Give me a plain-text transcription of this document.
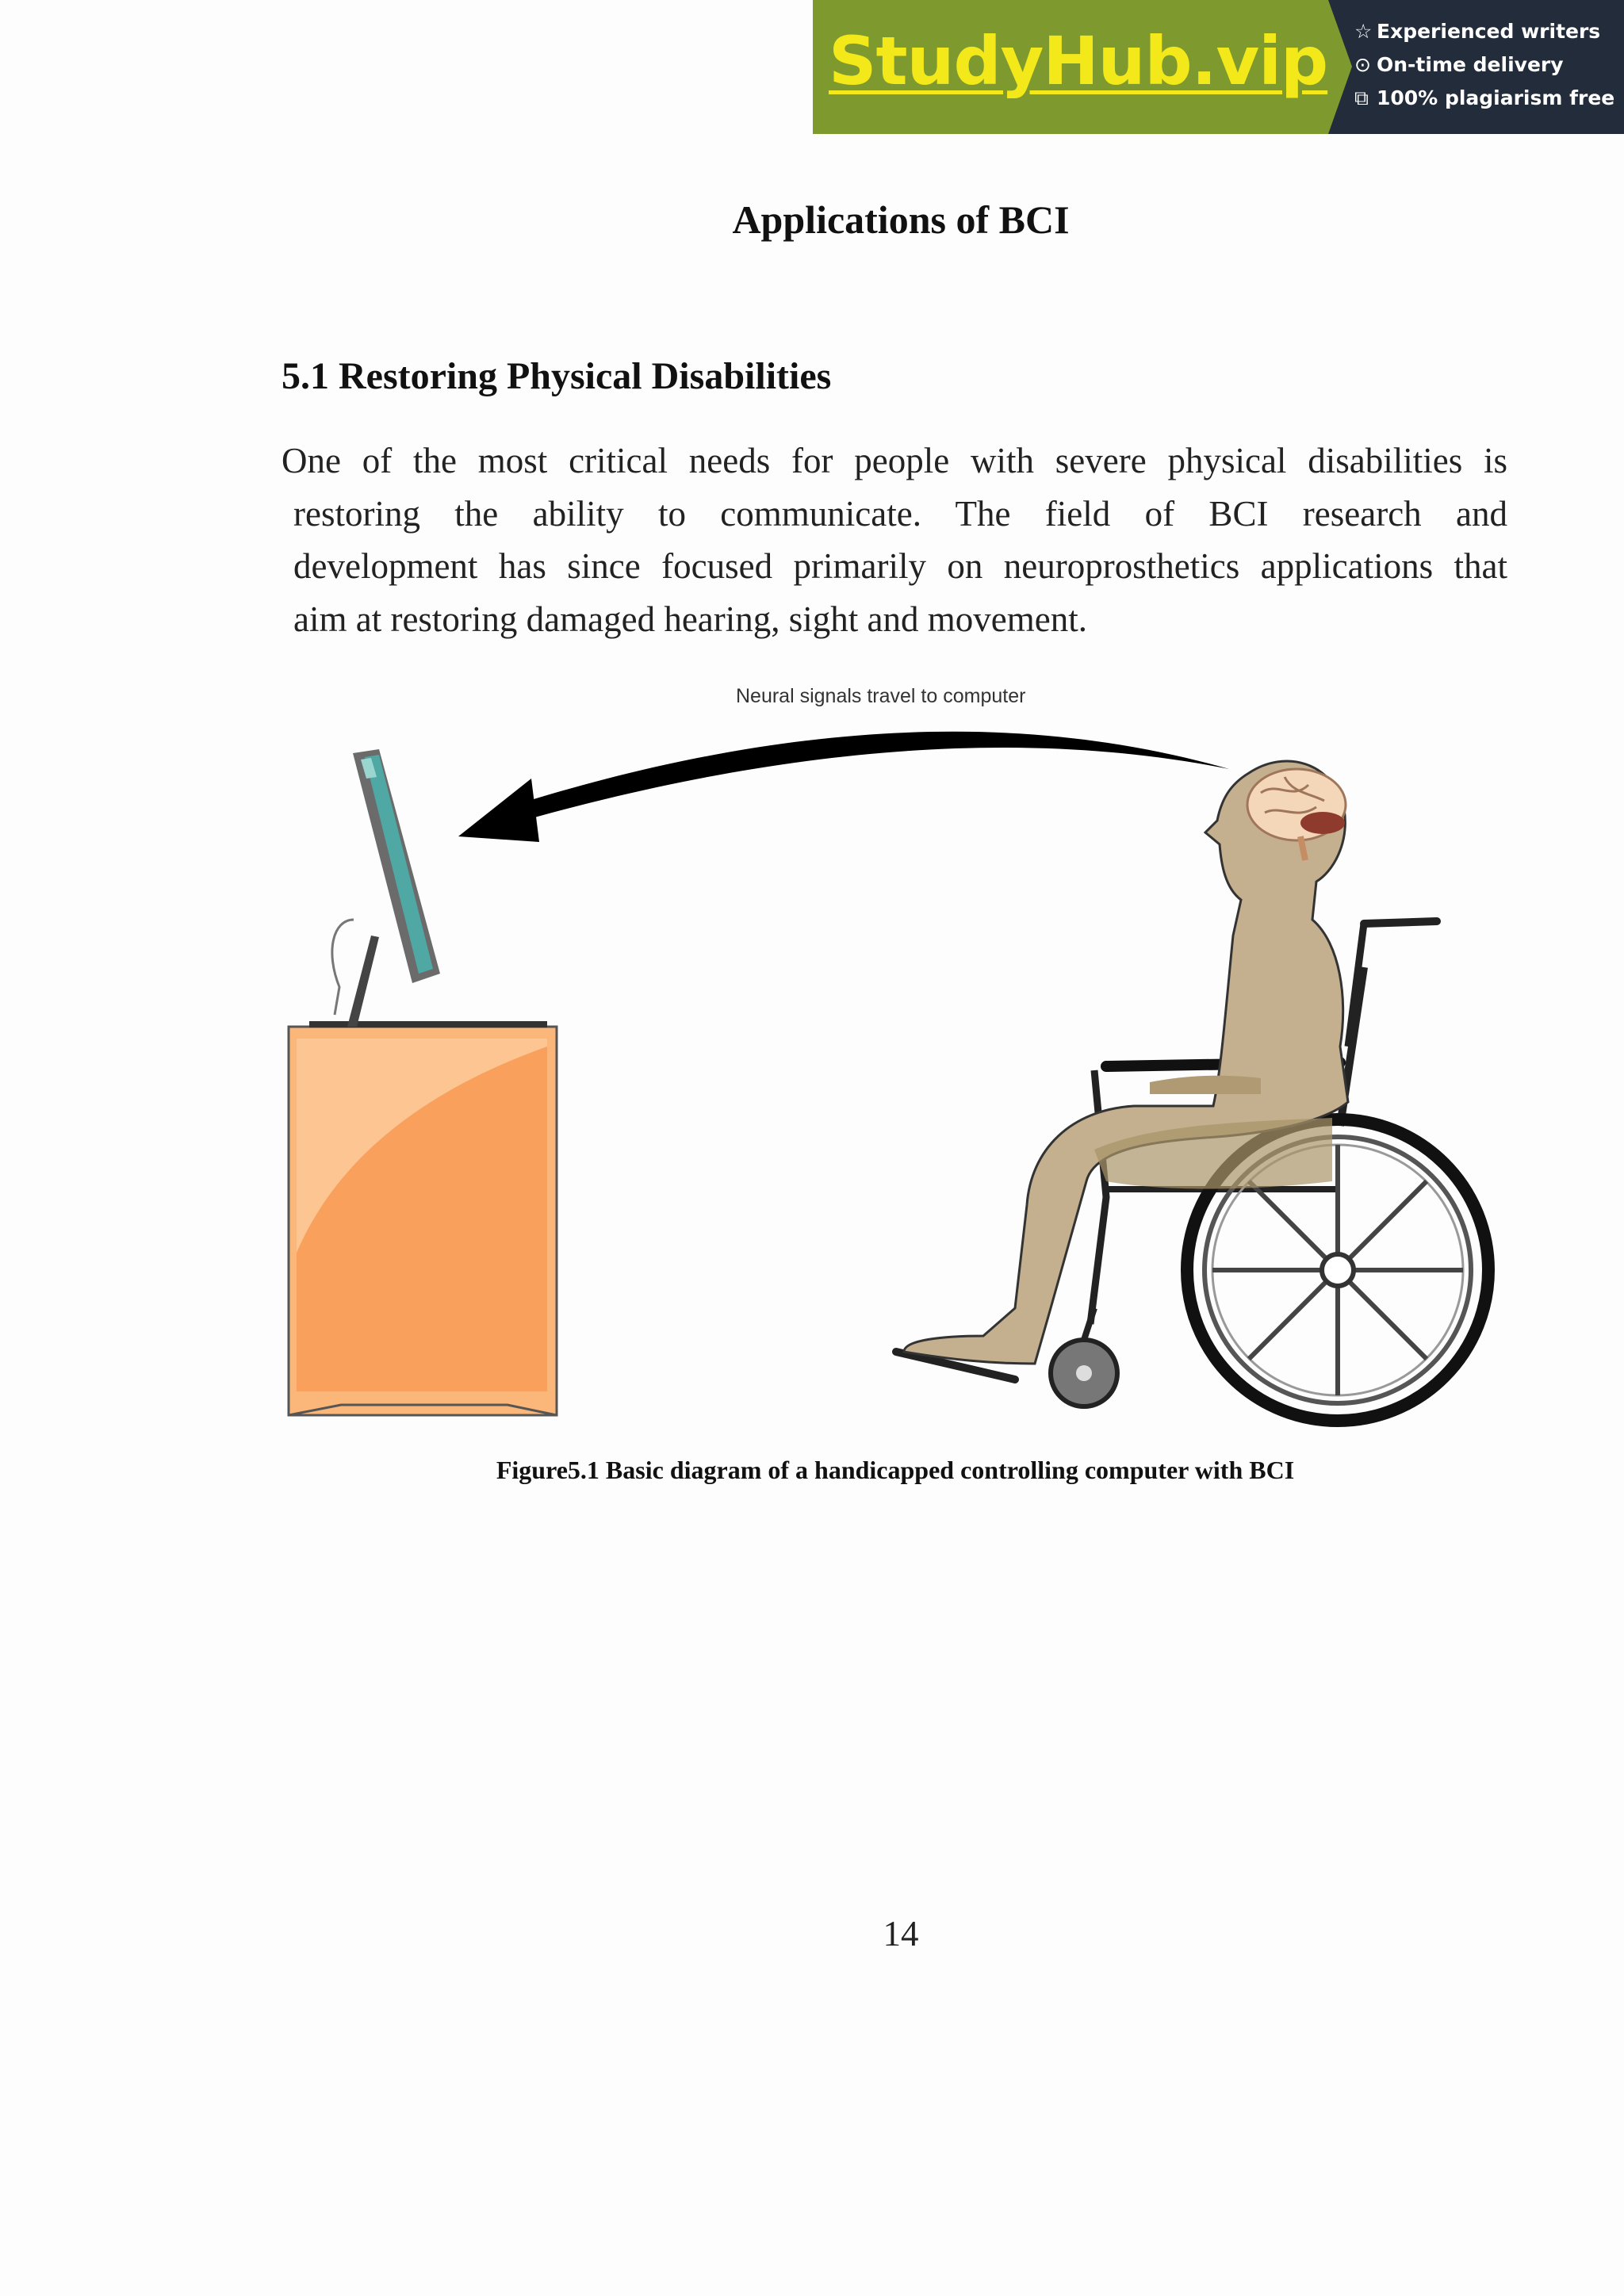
StudyHub.vip ☆ Experienced writers
⊙ On-time delivery
⧉ 100% plagiarism free
Applications of BCI
5.1 Restoring Physical Disabilities
One of the most critical needs for people with severe physical disabilities is
restoring the ability to communicate. The field of BCI research and
development has since focused primarily on neuroprosthetics applications that
aim at restoring damaged hearing, sight and movement.
Neural signals travel to computer
Figure5.1 Basic diagram of a handicapped controlling computer with BCI
14
